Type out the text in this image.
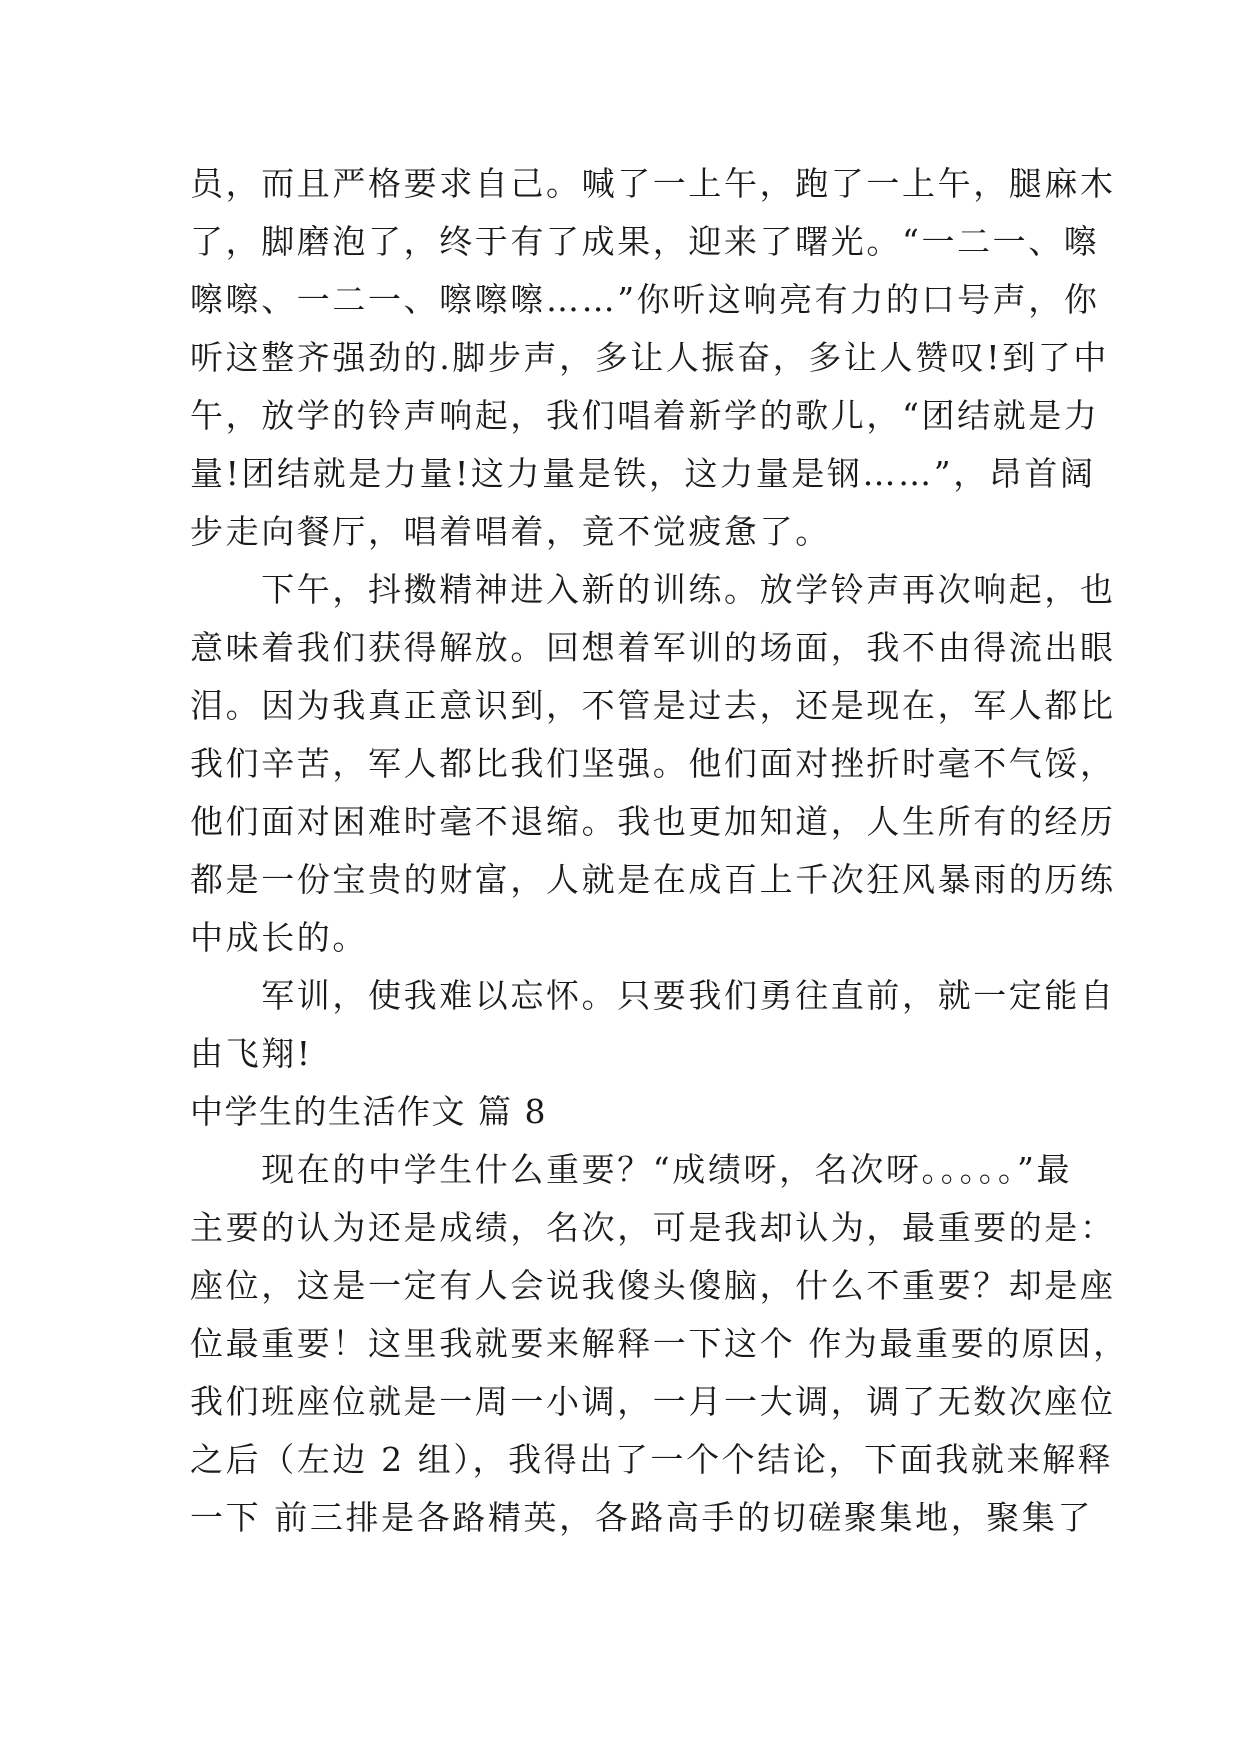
员，而且严格要求自己。喊了一上午，跑了一上午，腿麻木
了，脚磨泡了，终于有了成果，迎来了曙光。“一二一、嚓
嚓嚓、一二一、嚓嚓嚓……”你听这响亮有力的口号声，你
听这整齐强劲的.脚步声，多让人振奋，多让人赞叹!到了中
午，放学的铃声响起，我们唱着新学的歌儿，“团结就是力
量!团结就是力量!这力量是铁，这力量是钢……”，昂首阔
步走向餐厅，唱着唱着，竟不觉疲惫了。
　　下午，抖擞精神进入新的训练。放学铃声再次响起，也
意味着我们获得解放。回想着军训的场面，我不由得流出眼
泪。因为我真正意识到，不管是过去，还是现在，军人都比
我们辛苦，军人都比我们坚强。他们面对挫折时毫不气馁，
他们面对困难时毫不退缩。我也更加知道，人生所有的经历
都是一份宝贵的财富，人就是在成百上千次狂风暴雨的历练
中成长的。
　　军训，使我难以忘怀。只要我们勇往直前，就一定能自
由飞翔!
中学生的生活作文 篇 8
　　现在的中学生什么重要？“成绩呀，名次呀。。。。。”最
主要的认为还是成绩，名次，可是我却认为，最重要的是：
座位，这是一定有人会说我傻头傻脑，什么不重要？却是座
位最重要！这里我就要来解释一下这个 作为最重要的原因，
我们班座位就是一周一小调，一月一大调，调了无数次座位
之后（左边 2 组），我得出了一个个结论，下面我就来解释
一下 前三排是各路精英，各路高手的切磋聚集地，聚集了
